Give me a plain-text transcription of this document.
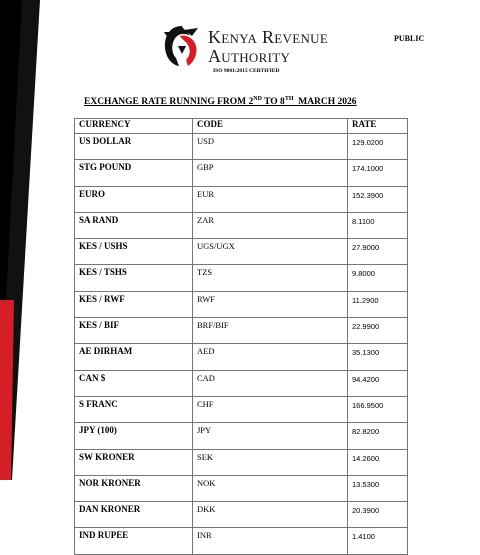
Kenya Revenue
Authority
ISO 9001:2015 CERTIFIED
PUBLIC
EXCHANGE RATE RUNNING FROM 2ND TO 8TH  MARCH 2026
CURRENCY	CODE	RATE
US DOLLAR	USD	129.0200
STG POUND	GBP	174.1000
EURO	EUR	152.3900
SA RAND	ZAR	8.1100
KES / USHS	UGS/UGX	27.9000
KES / TSHS	TZS	9.8000
KES / RWF	RWF	11.2900
KES / BIF	BRF/BIF	22.9900
AE DIRHAM	AED	35.1300
CAN $	CAD	94.4200
S FRANC	CHF	166.9500
JPY (100)	JPY	82.8200
SW KRONER	SEK	14.2600
NOR KRONER	NOK	13.5300
DAN KRONER	DKK	20.3900
IND RUPEE	INR	1.4100
